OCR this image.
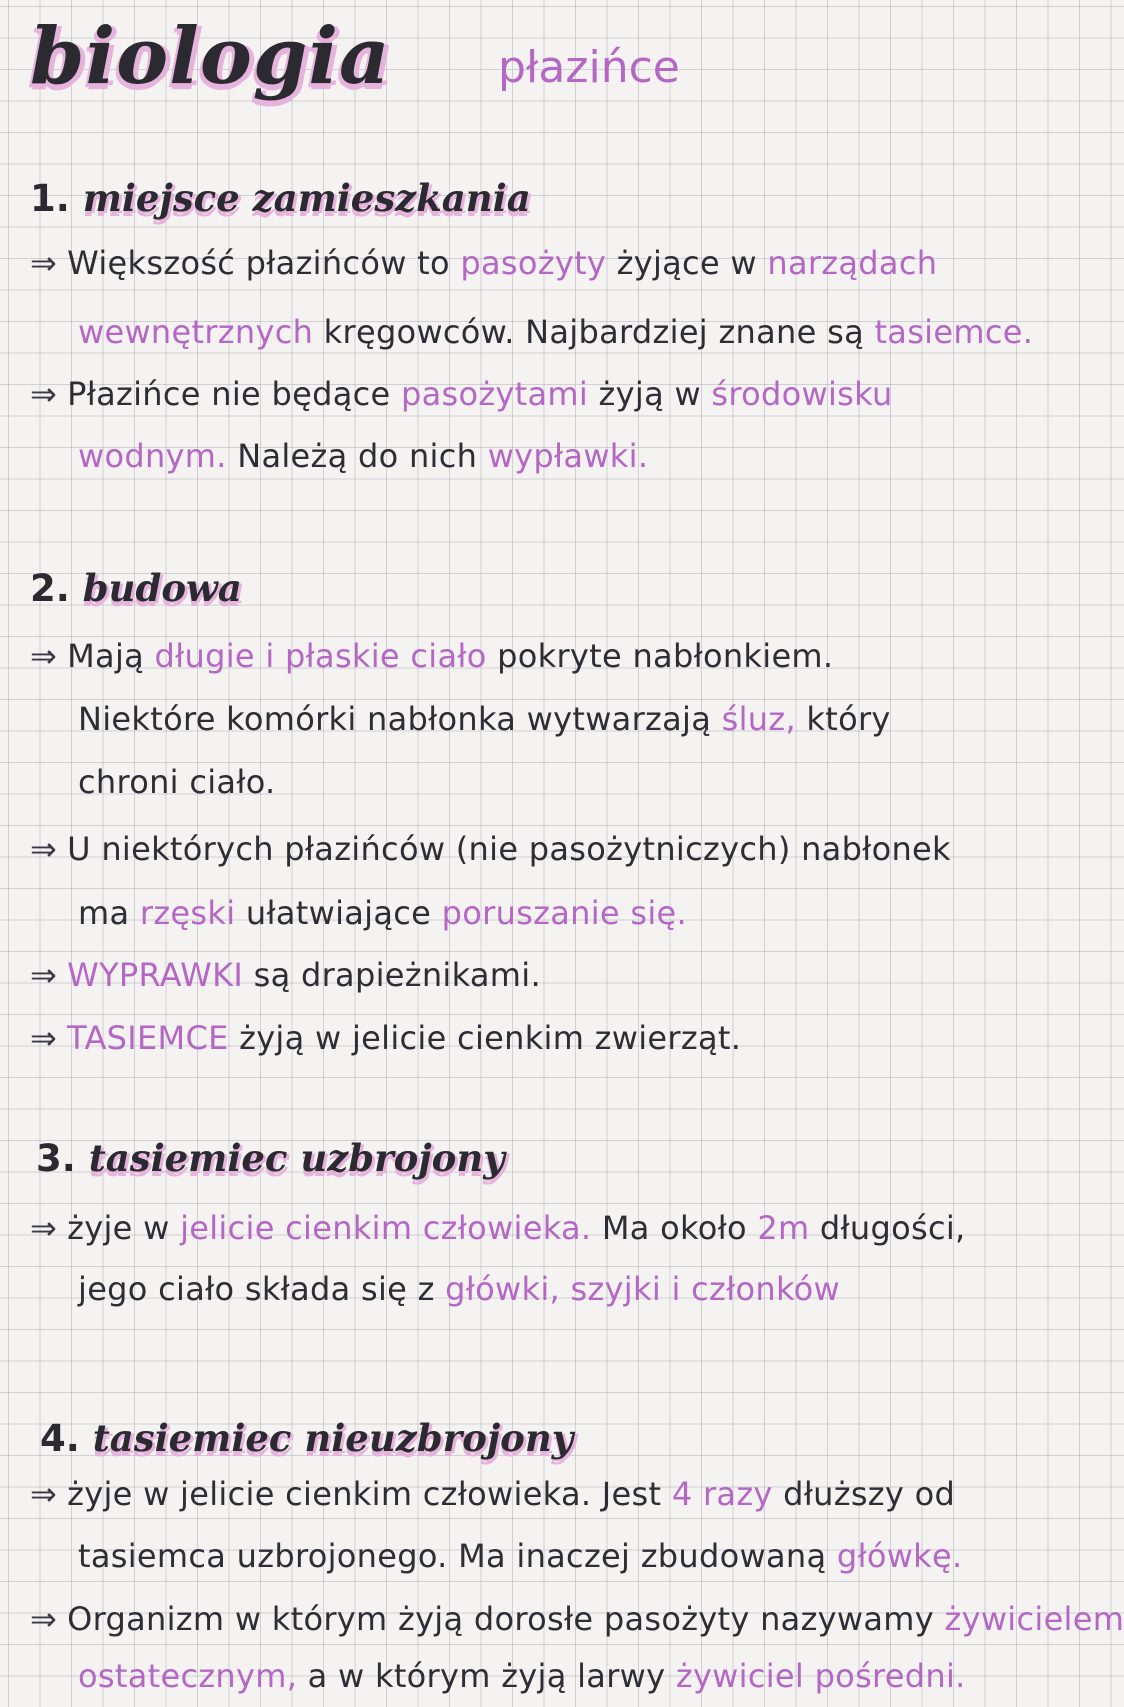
biologia płazińce
1. miejsce zamieszkania
⇒ Większość płazińców to pasożyty żyjące w narządach
wewnętrznych kręgowców. Najbardziej znane są tasiemce.
⇒ Płazińce nie będące pasożytami żyją w środowisku
wodnym. Należą do nich wypławki.
2. budowa
⇒ Mają długie i płaskie ciało pokryte nabłonkiem.
Niektóre komórki nabłonka wytwarzają śluz, który
chroni ciało.
⇒ U niektórych płazińców (nie pasożytniczych) nabłonek
ma rzęski ułatwiające poruszanie się.
⇒ WYPRAWKI są drapieżnikami.
⇒ TASIEMCE żyją w jelicie cienkim zwierząt.
3. tasiemiec uzbrojony
⇒ żyje w jelicie cienkim człowieka. Ma około 2m długości,
jego ciało składa się z główki, szyjki i członków
4. tasiemiec nieuzbrojony
⇒ żyje w jelicie cienkim człowieka. Jest 4 razy dłuższy od
tasiemca uzbrojonego. Ma inaczej zbudowaną główkę.
⇒ Organizm w którym żyją dorosłe pasożyty nazywamy żywicielem
ostatecznym, a w którym żyją larwy żywiciel pośredni.
